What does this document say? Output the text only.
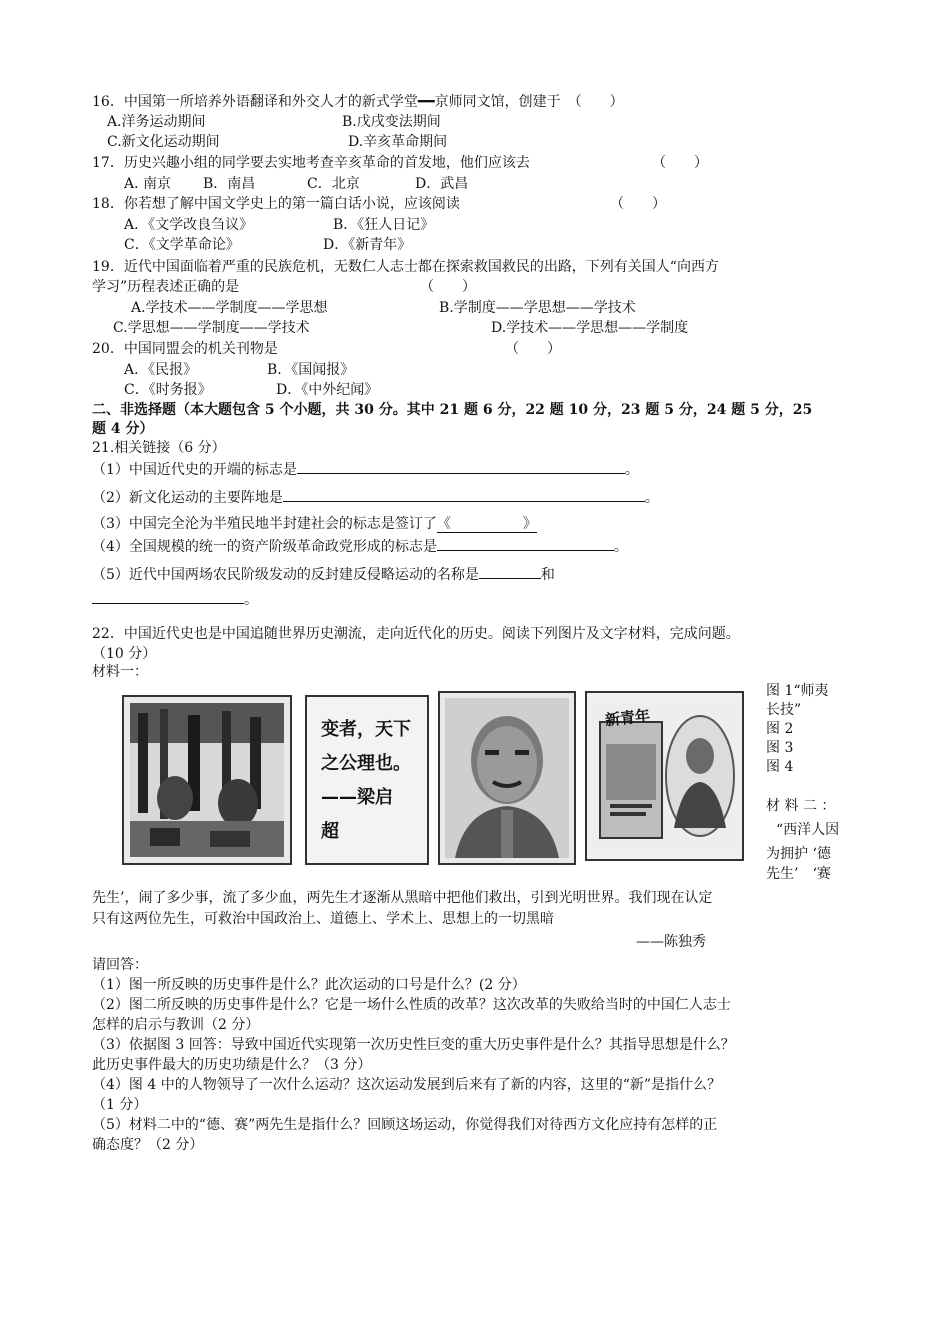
16．中国第一所培养外语翻译和外交人才的新式学堂━━京师同文馆，创建于　 （　　）
A.洋务运动期间	B.戊戌变法期间
C.新文化运动期间	D.辛亥革命期间
17．历史兴趣小组的同学要去实地考查辛亥革命的首发地，他们应该去	（　　）
A. 南京 B．南昌	C．北京	D．武昌
18．你若想了解中国文学史上的第一篇白话小说，应该阅读	（　　）
A．《文学改良刍议》	B．《狂人日记》
C．《文学革命论》	D．《新青年》
19．近代中国面临着严重的民族危机，无数仁人志士都在探索救国救民的出路，下列有关国人“向西方
学习”历程表述正确的是	（　　）
A.学技术——学制度——学思想	B.学制度——学思想——学技术
C.学思想——学制度——学技术	D.学技术——学思想——学制度
20．中国同盟会的机关刊物是	（　　）
A．《民报》	B．《国闻报》
C．《时务报》	D．《中外纪闻》
二、非选择题（本大题包含 5 个小题，共 30 分。其中 21 题 6 分，22 题 10 分，23 题 5 分，24 题 5 分，25
题 4 分）
21.相关链接（6 分）
（1）中国近代史的开端的标志是	。
（2）新文化运动的主要阵地是	。
（3）中国完全沦为半殖民地半封建社会的标志是签订了《	》
（4）全国规模的统一的资产阶级革命政党形成的标志是	。
（5）近代中国两场农民阶级发动的反封建反侵略运动的名称是	和
。
22．中国近代史也是中国追随世界历史潮流，走向近代化的历史。阅读下列图片及文字材料，完成问题。
（10 分）
材料一：
变者，天下
之公理也。
——梁启
超
新青年
图 1“师夷
长技”
图 2
图 3
图 4
材 料 二 ：
“西洋人因
为拥护 ‘德
先生’　‘赛
先生’，闹了多少事，流了多少血，两先生才逐渐从黑暗中把他们救出，引到光明世界。我们现在认定
只有这两位先生，可救治中国政治上、道德上、学术上、思想上的一切黑暗
——陈独秀
请回答：
（1）图一所反映的历史事件是什么？此次运动的口号是什么？(2 分）
（2）图二所反映的历史事件是什么？它是一场什么性质的改革？这次改革的失败给当时的中国仁人志士
怎样的启示与教训（2 分）
（3）依据图 3 回答：导致中国近代实现第一次历史性巨变的重大历史事件是什么？其指导思想是什么？
此历史事件最大的历史功绩是什么？（3 分）
（4）图 4 中的人物领导了一次什么运动？这次运动发展到后来有了新的内容，这里的“新”是指什么？
（1 分）
（5）材料二中的“德、赛”两先生是指什么？回顾这场运动，你觉得我们对待西方文化应持有怎样的正
确态度？（2 分）
